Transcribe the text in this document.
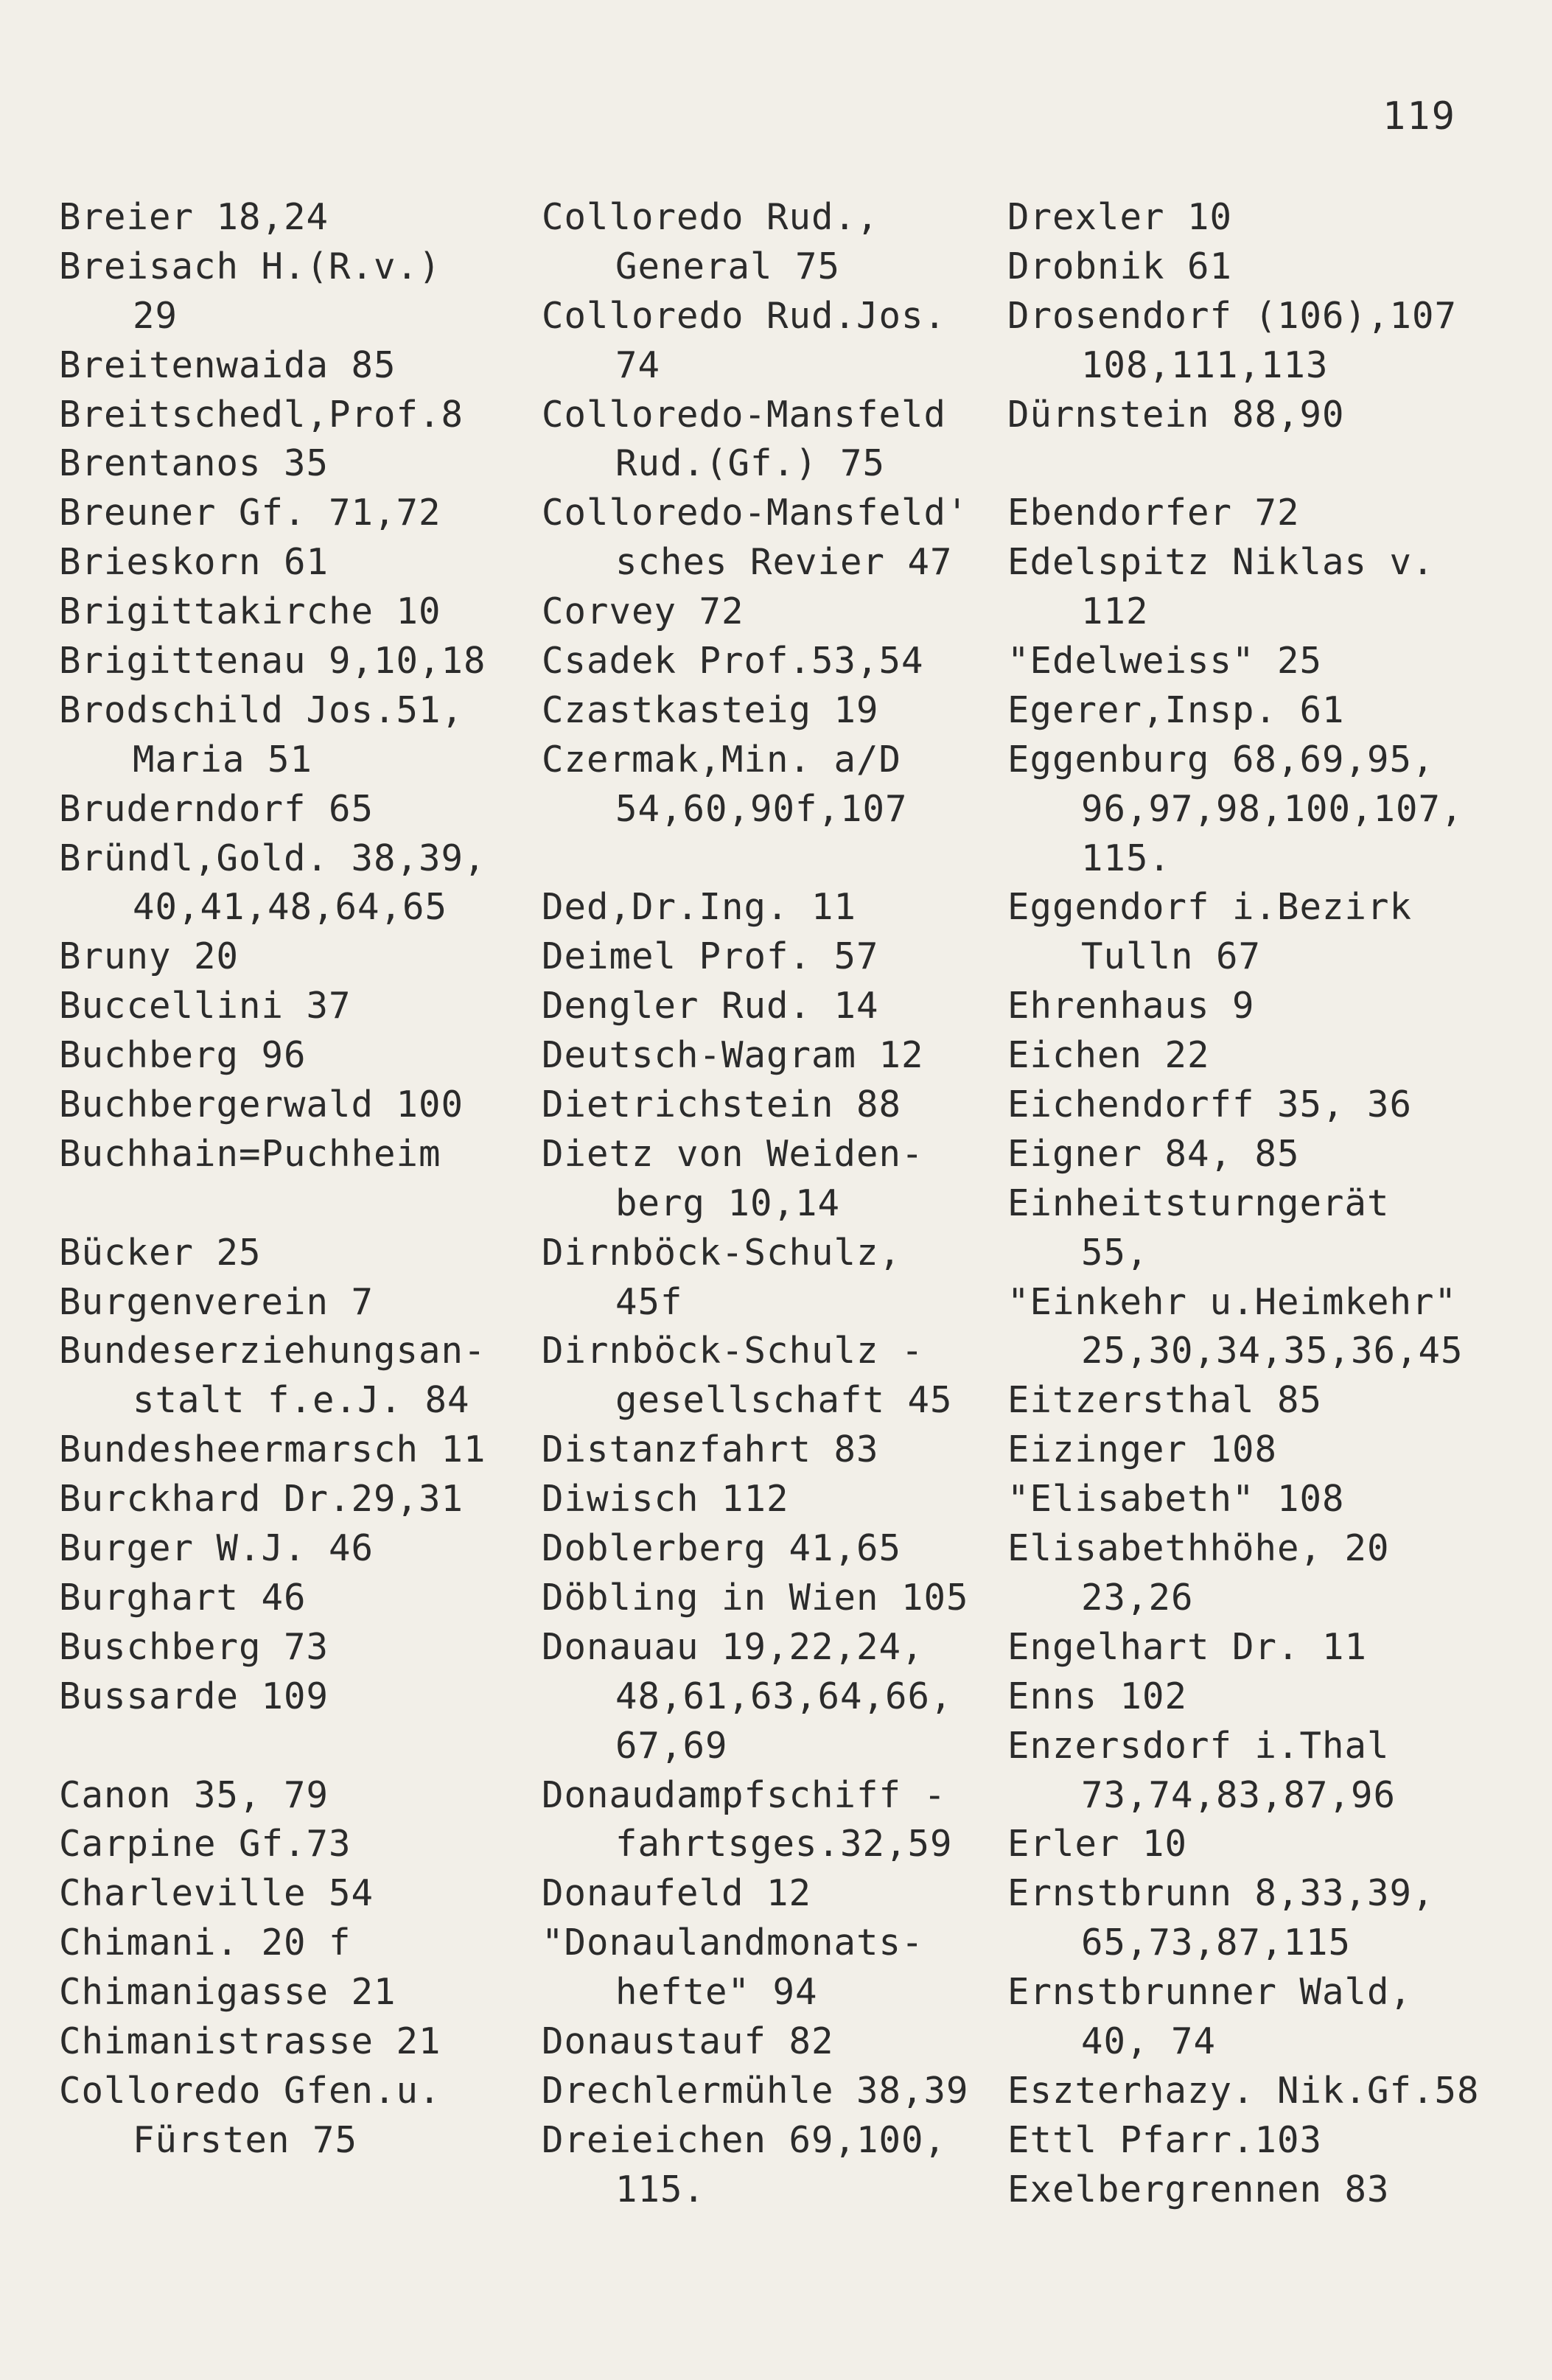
119
Breier 18,24
Breisach H.(R.v.)
29
Breitenwaida 85
Breitschedl,Prof.8
Brentanos 35
Breuner Gf. 71,72
Brieskorn 61
Brigittakirche 10
Brigittenau 9,10,18
Brodschild Jos.51,
Maria 51
Bruderndorf 65
Bründl,Gold. 38,39,
40,41,48,64,65
Bruny 20
Buccellini 37
Buchberg 96
Buchbergerwald 100
Buchhain=Puchheim
Bücker 25
Burgenverein 7
Bundeserziehungsan-
stalt f.e.J. 84
Bundesheermarsch 11
Burckhard Dr.29,31
Burger W.J. 46
Burghart 46
Buschberg 73
Bussarde 109
Canon 35, 79
Carpine Gf.73
Charleville 54
Chimani. 20 f
Chimanigasse 21
Chimanistrasse 21
Colloredo Gfen.u.
Fürsten 75
Colloredo Rud.,
General 75
Colloredo Rud.Jos.
74
Colloredo-Mansfeld
Rud.(Gf.) 75
Colloredo-Mansfeld'
sches Revier 47
Corvey 72
Csadek Prof.53,54
Czastkasteig 19
Czermak,Min. a/D
54,60,90f,107
Ded,Dr.Ing. 11
Deimel Prof. 57
Dengler Rud. 14
Deutsch-Wagram 12
Dietrichstein 88
Dietz von Weiden-
berg 10,14
Dirnböck-Schulz,
45f
Dirnböck-Schulz -
gesellschaft 45
Distanzfahrt 83
Diwisch 112
Doblerberg 41,65
Döbling in Wien 105
Donauau 19,22,24,
48,61,63,64,66,
67,69
Donaudampfschiff -
fahrtsges.32,59
Donaufeld 12
"Donaulandmonats-
hefte" 94
Donaustauf 82
Drechlermühle 38,39
Dreieichen 69,100,
115.
Drexler 10
Drobnik 61
Drosendorf (106),107
108,111,113
Dürnstein 88,90
Ebendorfer 72
Edelspitz Niklas v.
112
"Edelweiss" 25
Egerer,Insp. 61
Eggenburg 68,69,95,
96,97,98,100,107,
115.
Eggendorf i.Bezirk
Tulln 67
Ehrenhaus 9
Eichen 22
Eichendorff 35, 36
Eigner 84, 85
Einheitsturngerät
55,
"Einkehr u.Heimkehr"
25,30,34,35,36,45
Eitzersthal 85
Eizinger 108
"Elisabeth" 108
Elisabethhöhe, 20
23,26
Engelhart Dr. 11
Enns 102
Enzersdorf i.Thal
73,74,83,87,96
Erler 10
Ernstbrunn 8,33,39,
65,73,87,115
Ernstbrunner Wald,
40, 74
Eszterhazy. Nik.Gf.58
Ettl Pfarr.103
Exelbergrennen 83
